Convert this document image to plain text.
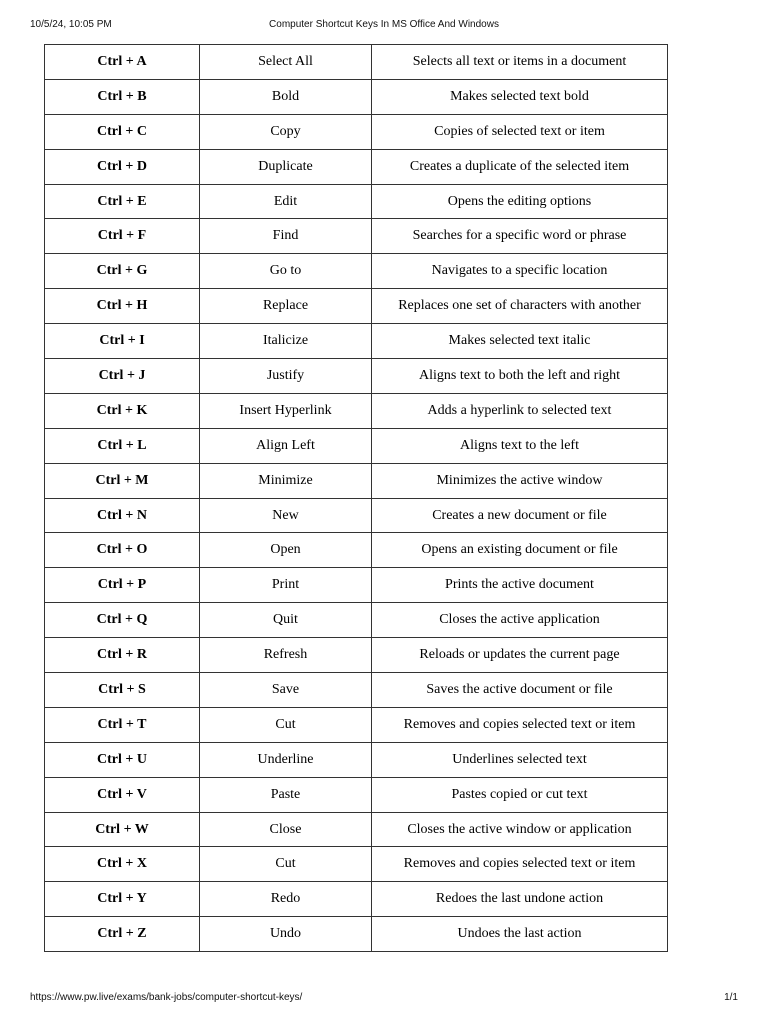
10/5/24, 10:05 PM	Computer Shortcut Keys In MS Office And Windows
Ctrl + A	Select All	Selects all text or items in a document
Ctrl + B	Bold	Makes selected text bold
Ctrl + C	Copy	Copies of selected text or item
Ctrl + D	Duplicate	Creates a duplicate of the selected item
Ctrl + E	Edit	Opens the editing options
Ctrl + F	Find	Searches for a specific word or phrase
Ctrl + G	Go to	Navigates to a specific location
Ctrl + H	Replace	Replaces one set of characters with another
Ctrl + I	Italicize	Makes selected text italic
Ctrl + J	Justify	Aligns text to both the left and right
Ctrl + K	Insert Hyperlink	Adds a hyperlink to selected text
Ctrl + L	Align Left	Aligns text to the left
Ctrl + M	Minimize	Minimizes the active window
Ctrl + N	New	Creates a new document or file
Ctrl + O	Open	Opens an existing document or file
Ctrl + P	Print	Prints the active document
Ctrl + Q	Quit	Closes the active application
Ctrl + R	Refresh	Reloads or updates the current page
Ctrl + S	Save	Saves the active document or file
Ctrl + T	Cut	Removes and copies selected text or item
Ctrl + U	Underline	Underlines selected text
Ctrl + V	Paste	Pastes copied or cut text
Ctrl + W	Close	Closes the active window or application
Ctrl + X	Cut	Removes and copies selected text or item
Ctrl + Y	Redo	Redoes the last undone action
Ctrl + Z	Undo	Undoes the last action
https://www.pw.live/exams/bank-jobs/computer-shortcut-keys/	1/1
